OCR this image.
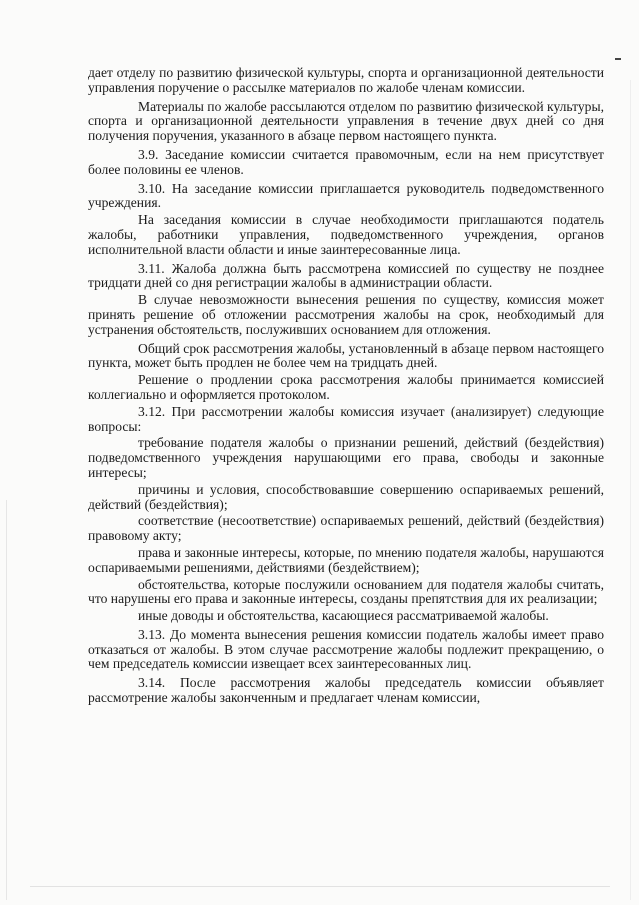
дает отделу по развитию физической культуры, спорта и организационной деятельности управления поручение о рассылке материалов по жалобе членам комиссии.

Материалы по жалобе рассылаются отделом по развитию физической культуры, спорта и организационной деятельности управления в течение двух дней со дня получения поручения, указанного в абзаце первом настоящего пункта.

3.9. Заседание комиссии считается правомочным, если на нем присутствует более половины ее членов.

3.10. На заседание комиссии приглашается руководитель подведомственного учреждения.

На заседания комиссии в случае необходимости приглашаются податель жалобы, работники управления, подведомственного учреждения, органов исполнительной власти области и иные заинтересованные лица.

3.11. Жалоба должна быть рассмотрена комиссией по существу не позднее тридцати дней со дня регистрации жалобы в администрации области.

В случае невозможности вынесения решения по существу, комиссия может принять решение об отложении рассмотрения жалобы на срок, необходимый для устранения обстоятельств, послуживших основанием для отложения.

Общий срок рассмотрения жалобы, установленный в абзаце первом настоящего пункта, может быть продлен не более чем на тридцать дней.

Решение о продлении срока рассмотрения жалобы принимается комиссией коллегиально и оформляется протоколом.

3.12. При рассмотрении жалобы комиссия изучает (анализирует) следующие вопросы:

требование подателя жалобы о признании решений, действий (бездействия) подведомственного учреждения нарушающими его права, свободы и законные интересы;

причины и условия, способствовавшие совершению оспариваемых решений, действий (бездействия);

соответствие (несоответствие) оспариваемых решений, действий (бездействия) правовому акту;

права и законные интересы, которые, по мнению подателя жалобы, нарушаются оспариваемыми решениями, действиями (бездействием);

обстоятельства, которые послужили основанием для подателя жалобы считать, что нарушены его права и законные интересы, созданы препятствия для их реализации;

иные доводы и обстоятельства, касающиеся рассматриваемой жалобы.

3.13. До момента вынесения решения комиссии податель жалобы имеет право отказаться от жалобы. В этом случае рассмотрение жалобы подлежит прекращению, о чем председатель комиссии извещает всех заинтересованных лиц.

3.14. После рассмотрения жалобы председатель комиссии объявляет рассмотрение жалобы законченным и предлагает членам комиссии,
